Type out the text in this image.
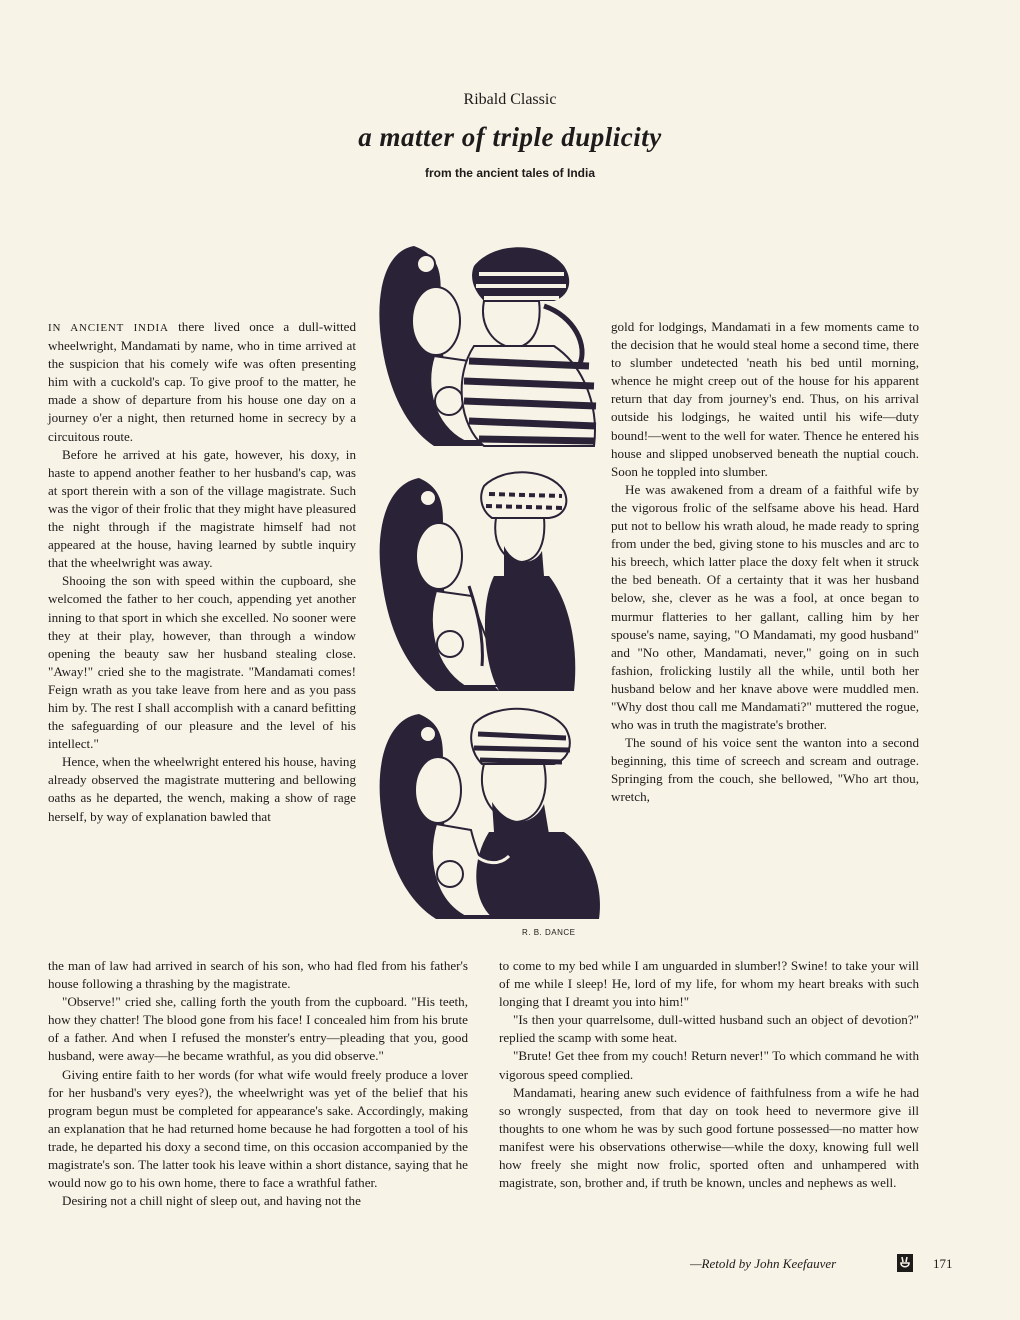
Ribald Classic
a matter of triple duplicity
from the ancient tales of India

IN ANCIENT INDIA there lived once a dull-witted wheelwright, Mandamati by name, who in time arrived at the suspicion that his comely wife was often presenting him with a cuckold's cap. To give proof to the matter, he made a show of departure from his house one day on a journey o'er a night, then returned home in secrecy by a circuitous route.

Before he arrived at his gate, however, his doxy, in haste to append another feather to her husband's cap, was at sport therein with a son of the village magistrate. Such was the vigor of their frolic that they might have pleasured the night through if the magistrate himself had not appeared at the house, having learned by subtle inquiry that the wheelwright was away.

Shooing the son with speed within the cupboard, she welcomed the father to her couch, appending yet another inning to that sport in which she excelled. No sooner were they at their play, however, than through a window opening the beauty saw her husband stealing close. "Away!" cried she to the magistrate. "Mandamati comes! Feign wrath as you take leave from here and as you pass him by. The rest I shall accomplish with a canard befitting the safeguarding of our pleasure and the level of his intellect."

Hence, when the wheelwright entered his house, having already observed the magistrate muttering and bellowing oaths as he departed, the wench, making a show of rage herself, by way of explanation bawled that

the man of law had arrived in search of his son, who had fled from his father's house following a thrashing by the magistrate.

"Observe!" cried she, calling forth the youth from the cupboard. "His teeth, how they chatter! The blood gone from his face! I concealed him from his brute of a father. And when I refused the monster's entry—pleading that you, good husband, were away—he became wrathful, as you did observe."

Giving entire faith to her words (for what wife would freely produce a lover for her husband's very eyes?), the wheelwright was yet of the belief that his program begun must be completed for appearance's sake. Accordingly, making an explanation that he had returned home because he had forgotten a tool of his trade, he departed his doxy a second time, on this occasion accompanied by the magistrate's son. The latter took his leave within a short distance, saying that he would now go to his own home, there to face a wrathful father.

Desiring not a chill night of sleep out, and having not the

gold for lodgings, Mandamati in a few moments came to the decision that he would steal home a second time, there to slumber undetected 'neath his bed until morning, whence he might creep out of the house for his apparent return that day from journey's end. Thus, on his arrival outside his lodgings, he waited until his wife—duty bound!—went to the well for water. Thence he entered his house and slipped unobserved beneath the nuptial couch. Soon he toppled into slumber.

He was awakened from a dream of a faithful wife by the vigorous frolic of the selfsame above his head. Hard put not to bellow his wrath aloud, he made ready to spring from under the bed, giving stone to his muscles and arc to his breech, which latter place the doxy felt when it struck the bed beneath. Of a certainty that it was her husband below, she, clever as he was a fool, at once began to murmur flatteries to her gallant, calling him by her spouse's name, saying, "O Mandamati, my good husband" and "No other, Mandamati, never," going on in such fashion, frolicking lustily all the while, until both her husband below and her knave above were muddled men. "Why dost thou call me Mandamati?" muttered the rogue, who was in truth the magistrate's brother.

The sound of his voice sent the wanton into a second beginning, this time of screech and scream and outrage. Springing from the couch, she bellowed, "Who art thou, wretch,

to come to my bed while I am unguarded in slumber!? Swine! to take your will of me while I sleep! He, lord of my life, for whom my heart breaks with such longing that I dreamt you into him!"

"Is then your quarrelsome, dull-witted husband such an object of devotion?" replied the scamp with some heat.

"Brute! Get thee from my couch! Return never!" To which command he with vigorous speed complied.

Mandamati, hearing anew such evidence of faithfulness from a wife he had so wrongly suspected, from that day on took heed to nevermore give ill thoughts to one whom he was by such good fortune possessed—no matter how manifest were his observations otherwise—while the doxy, knowing full well how freely she might now frolic, sported often and unhampered with magistrate, son, brother and, if truth be known, uncles and nephews as well.

R. B. DANCE
—Retold by John Keefauver	171
